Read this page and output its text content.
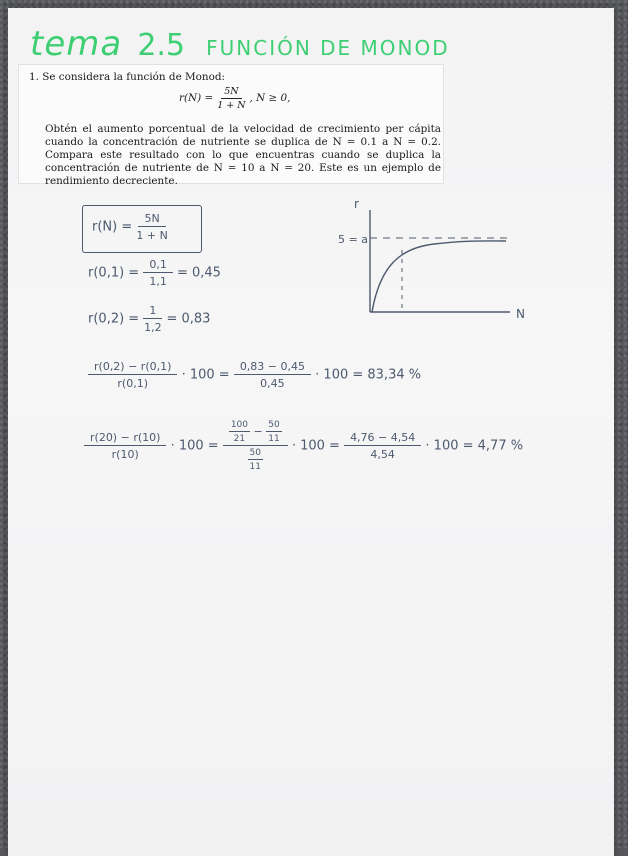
tema 2.5 FUNCIÓN DE MONOD
1. Se considera la función de Monod:
$r(N) = \frac{5N}{1 + N}$ , N ≥ 0,
Obtén el aumento porcentual de la velocidad de crecimiento per cápita cuando la concentración de nutriente se duplica de N = 0.1 a N = 0.2. Compara este resultado con lo que encuentras cuando se duplica la concentración de nutriente de N = 10 a N = 20. Este es un ejemplo de rendimiento decreciente.
$r(N) = \frac{5N}{1 + N}$
$r(0,1) = \frac{0,1}{1,1} = 0,45$
$r(0,2) = \frac{1}{1,2} = 0,83$
r
N
5 = a
$\frac{r(0,2) - r(0,1)}{r(0,1)} \cdot 100 = \frac{0,83 - 0,45}{0,45} \cdot 100 = 83,34$ %
$\frac{r(20) - r(10)}{r(10)} \cdot 100 = \frac{\frac{100}{21} - \frac{50}{11}}{\frac{50}{11}} \cdot 100 = \frac{4,76 - 4,54}{4,54} \cdot 100 = 4,77$ %
